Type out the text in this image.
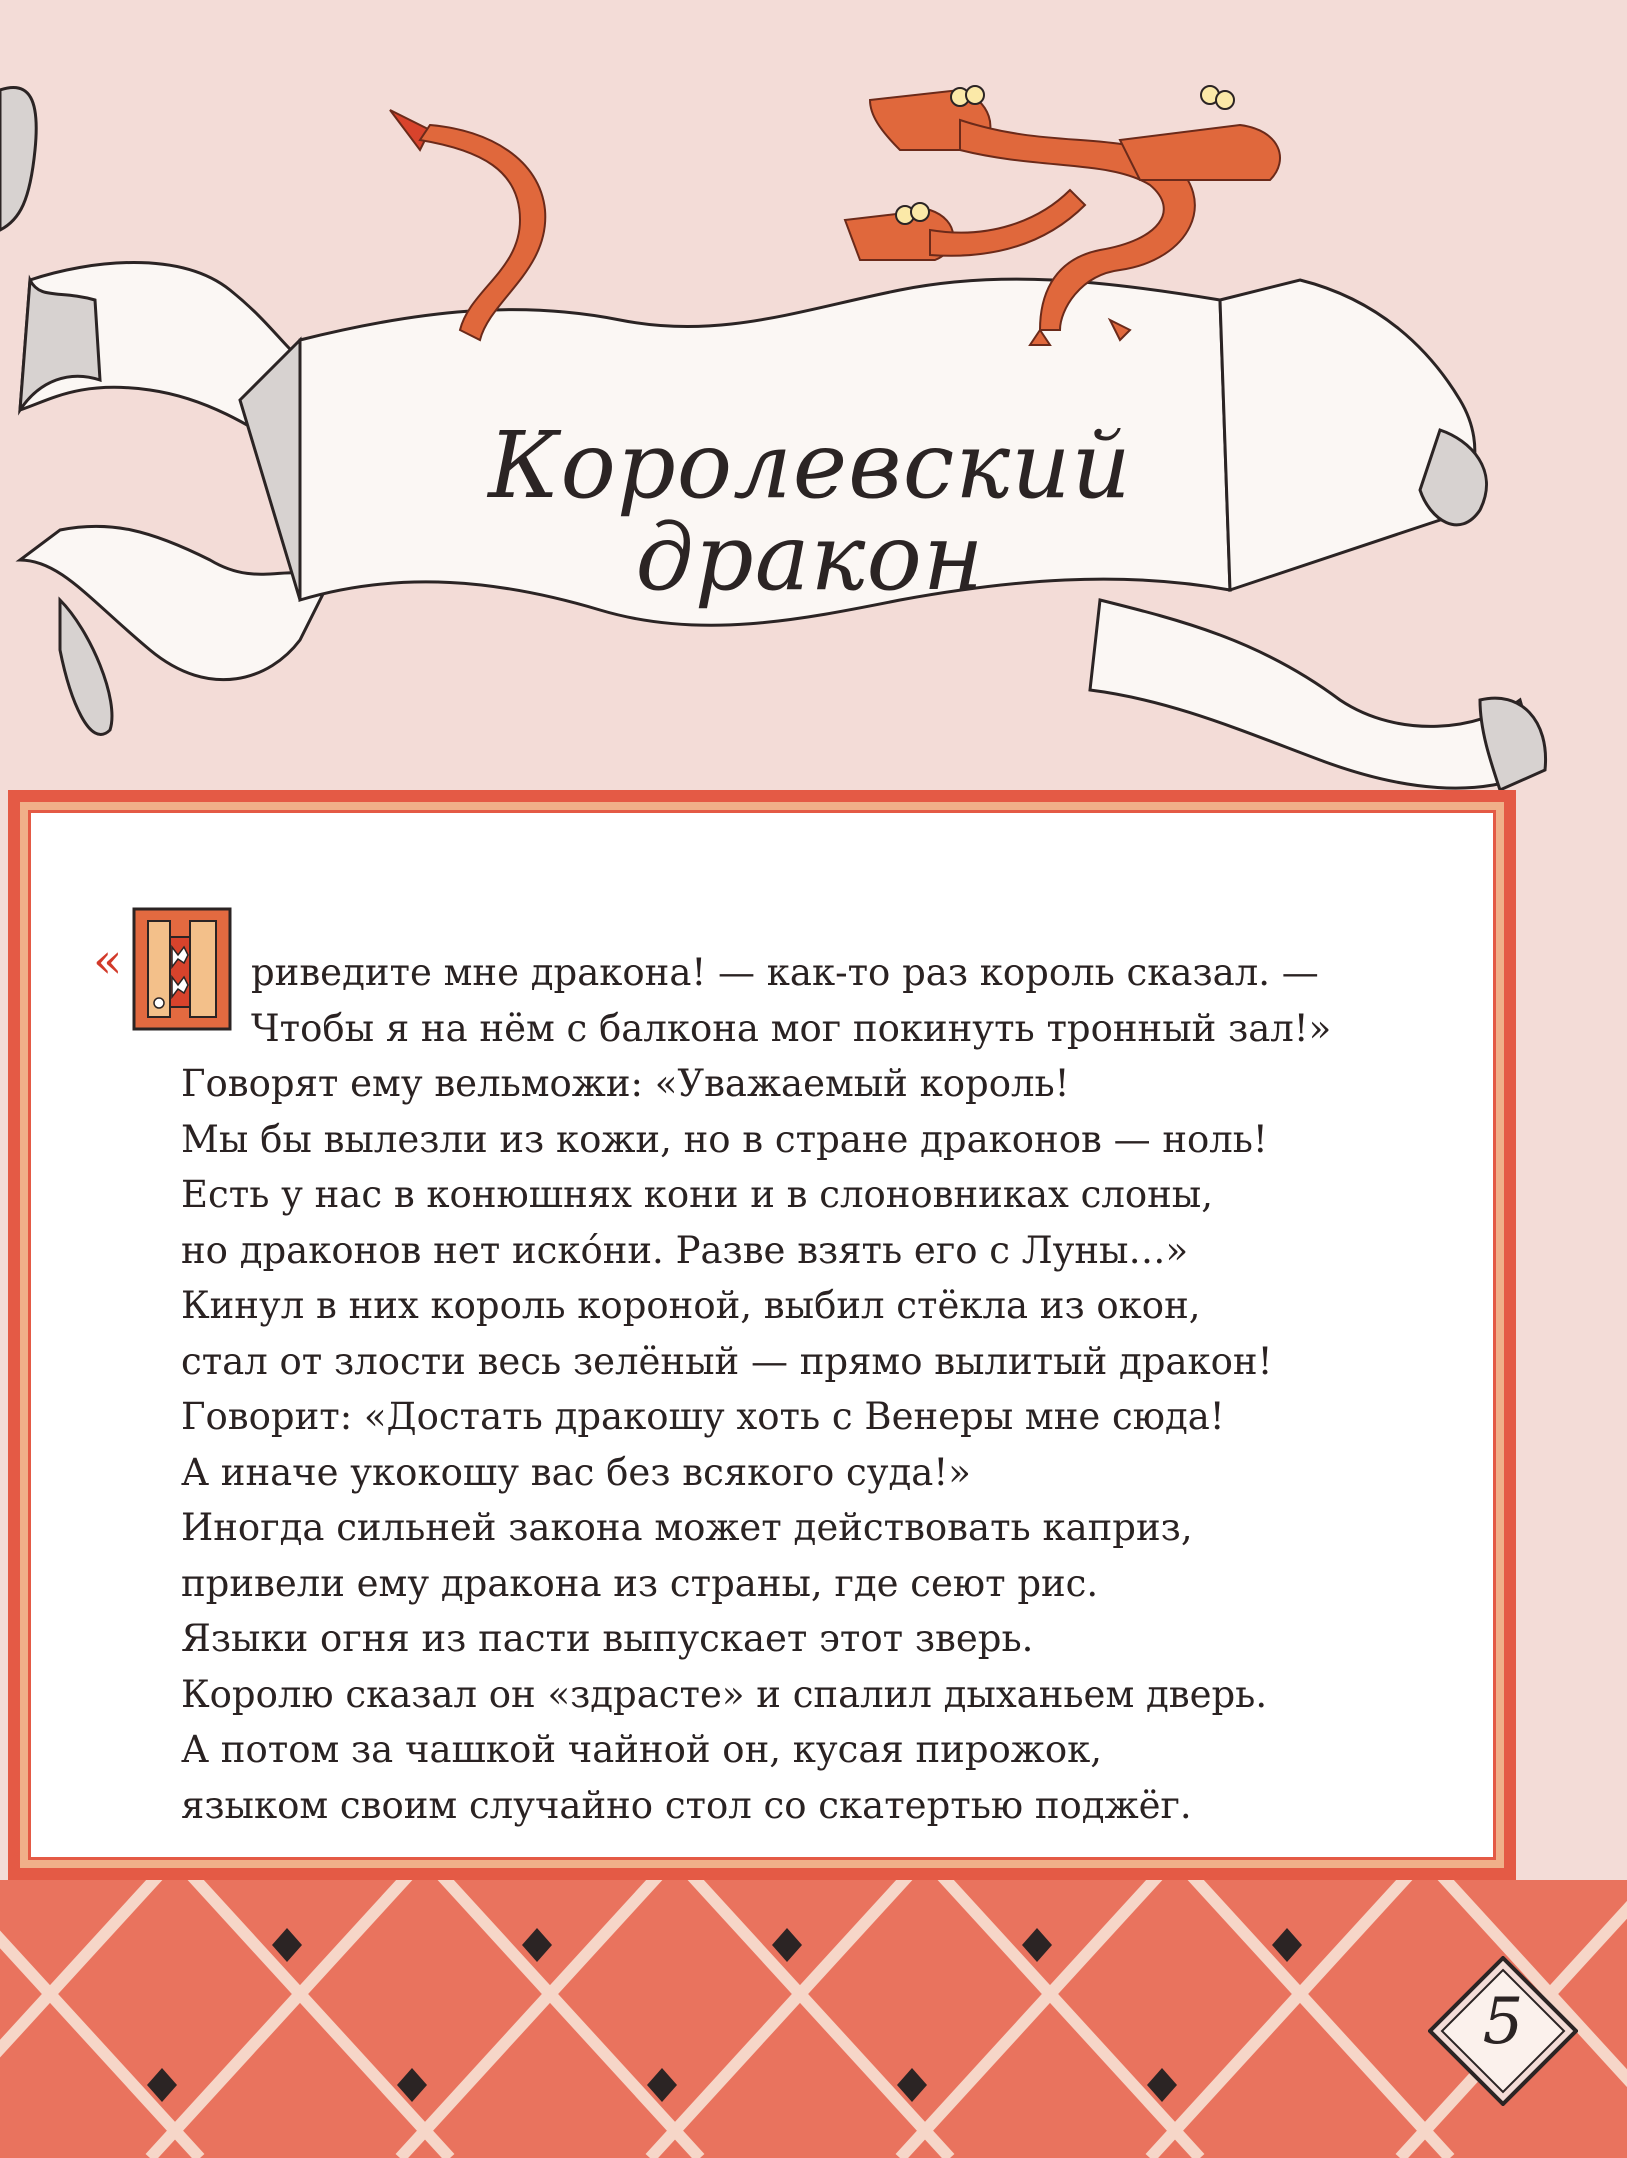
Королевский дракон
«	риведите мне дракона! — как-то раз король сказал. —
Чтобы я на нём с балкона мог покинуть тронный зал!»
Говорят ему вельможи: «Уважаемый король!
Мы бы вылезли из кожи, но в стране драконов — ноль!
Есть у нас в конюшнях кони и в слоновниках слоны,
но драконов нет иско́ни. Разве взять его с Луны…»
Кинул в них король короной, выбил стёкла из окон,
стал от злости весь зелёный — прямо вылитый дракон!
Говорит: «Достать дракошу хоть с Венеры мне сюда!
А иначе укокошу вас без всякого суда!»
Иногда сильней закона может действовать каприз,
привели ему дракона из страны, где сеют рис.
Языки огня из пасти выпускает этот зверь.
Королю сказал он «здрасте» и спалил дыханьем дверь.
А потом за чашкой чайной он, кусая пирожок,
языком своим случайно стол со скатертью поджёг.
5
